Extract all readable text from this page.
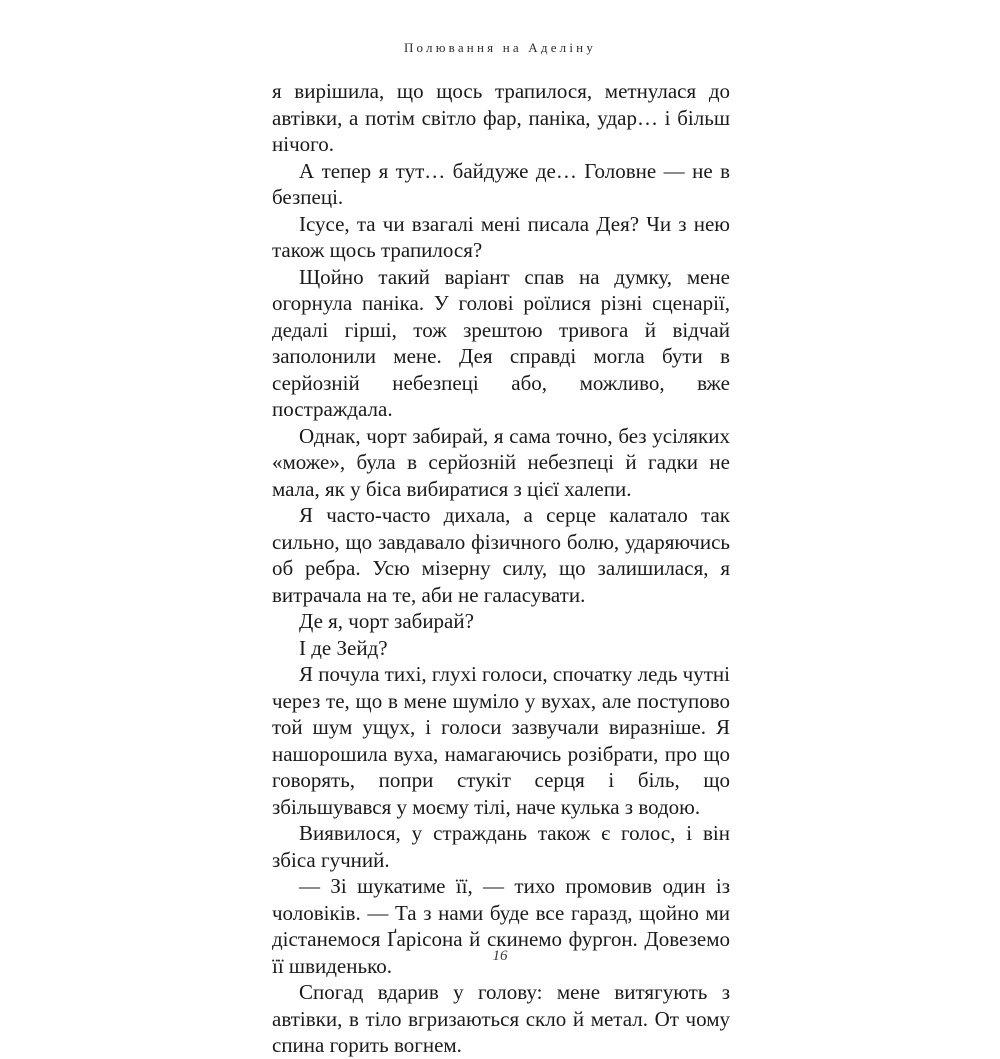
Полювання на Аделіну

я вирішила, що щось трапилося, метнулася до автівки, а потім світло фар, паніка, удар… і більш нічого.

А тепер я тут… байдуже де… Головне — не в безпеці.

Ісусе, та чи взагалі мені писала Дея? Чи з нею також щось трапилося?

Щойно такий варіант спав на думку, мене огорнула паніка. У голові роїлися різні сценарії, дедалі гірші, тож зрештою тривога й відчай заполонили мене. Дея справді могла бути в серйозній небезпеці або, можливо, вже постраждала.

Однак, чорт забирай, я сама точно, без усіляких «може», була в серйозній небезпеці й гадки не мала, як у біса вибиратися з цієї халепи.

Я часто-часто дихала, а серце калатало так сильно, що завдавало фізичного болю, ударяючись об ребра. Усю мізерну силу, що залишилася, я витрачала на те, аби не галасувати.

Де я, чорт забирай?

І де Зейд?

Я почула тихі, глухі голоси, спочатку ледь чутні через те, що в мене шуміло у вухах, але поступово той шум ущух, і голоси зазвучали виразніше. Я нашорошила вуха, намагаючись розібрати, про що говорять, попри стукіт серця і біль, що збільшувався у моєму тілі, наче кулька з водою.

Виявилося, у страждань також є голос, і він збіса гучний.

— Зі шукатиме її, — тихо промовив один із чоловіків. — Та з нами буде все гаразд, щойно ми дістанемося Ґарісона й скинемо фургон. Довеземо її швиденько.

Спогад вдарив у голову: мене витягують з автівки, в тіло вгризаються скло й метал. От чому спина горить вогнем.

16
